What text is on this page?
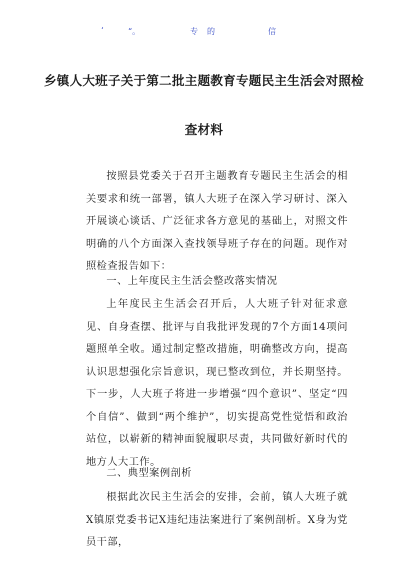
‘	“。	专 的	信
乡镇人大班子关于第二批主题教育专题民主生活会对照检
查材料
按照县党委关于召开主题教育专题民主生活会的相关要求和统一部署，镇人大班子在深入学习研讨、深入开展谈心谈话、广泛征求各方意见的基础上，对照文件明确的八个方面深入查找领导班子存在的问题。现作对照检查报告如下：
一、上年度民主生活会整改落实情况
上年度民主生活会召开后，人大班子针对征求意见、自身查摆、批评与自我批评发现的7个方面14项问题照单全收。通过制定整改措施，明确整改方向，提高认识思想强化宗旨意识，现已整改到位，并长期坚持。下一步，人大班子将进一步增强“四个意识”、坚定“四个自信”、做到“两个维护”，切实提高党性觉悟和政治站位，以崭新的精神面貌履职尽责，共同做好新时代的地方人大工作。
二、典型案例剖析
根据此次民主生活会的安排，会前，镇人大班子就X镇原党委书记X违纪违法案进行了案例剖析。X身为党员干部，
